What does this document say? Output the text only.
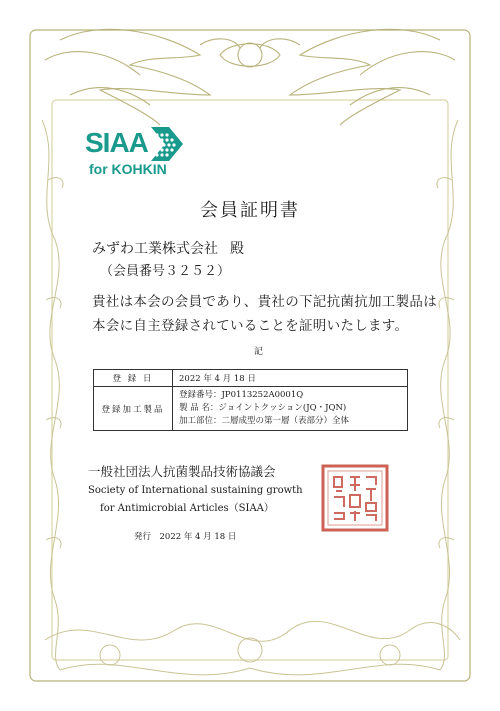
SIAA
for KOHKIN
会員証明書
みずわ工業株式会社 殿
（会員番号３２５２）
貴社は本会の会員であり、貴社の下記抗菌抗加工製品は
本会に自主登録されていることを証明いたします。
記
登 録 日	2022 年 4 月 18 日
登録加工製品	登録番号：JP0113252A0001Q
製 品 名：ジョイントクッション(JQ・JQN)
加工部位：二層成型の第一層（表部分）全体
一般社団法人抗菌製品技術協議会
Society of International sustaining growth
for Antimicrobial Articles（SIAA）
発行　2022 年 4 月 18 日
